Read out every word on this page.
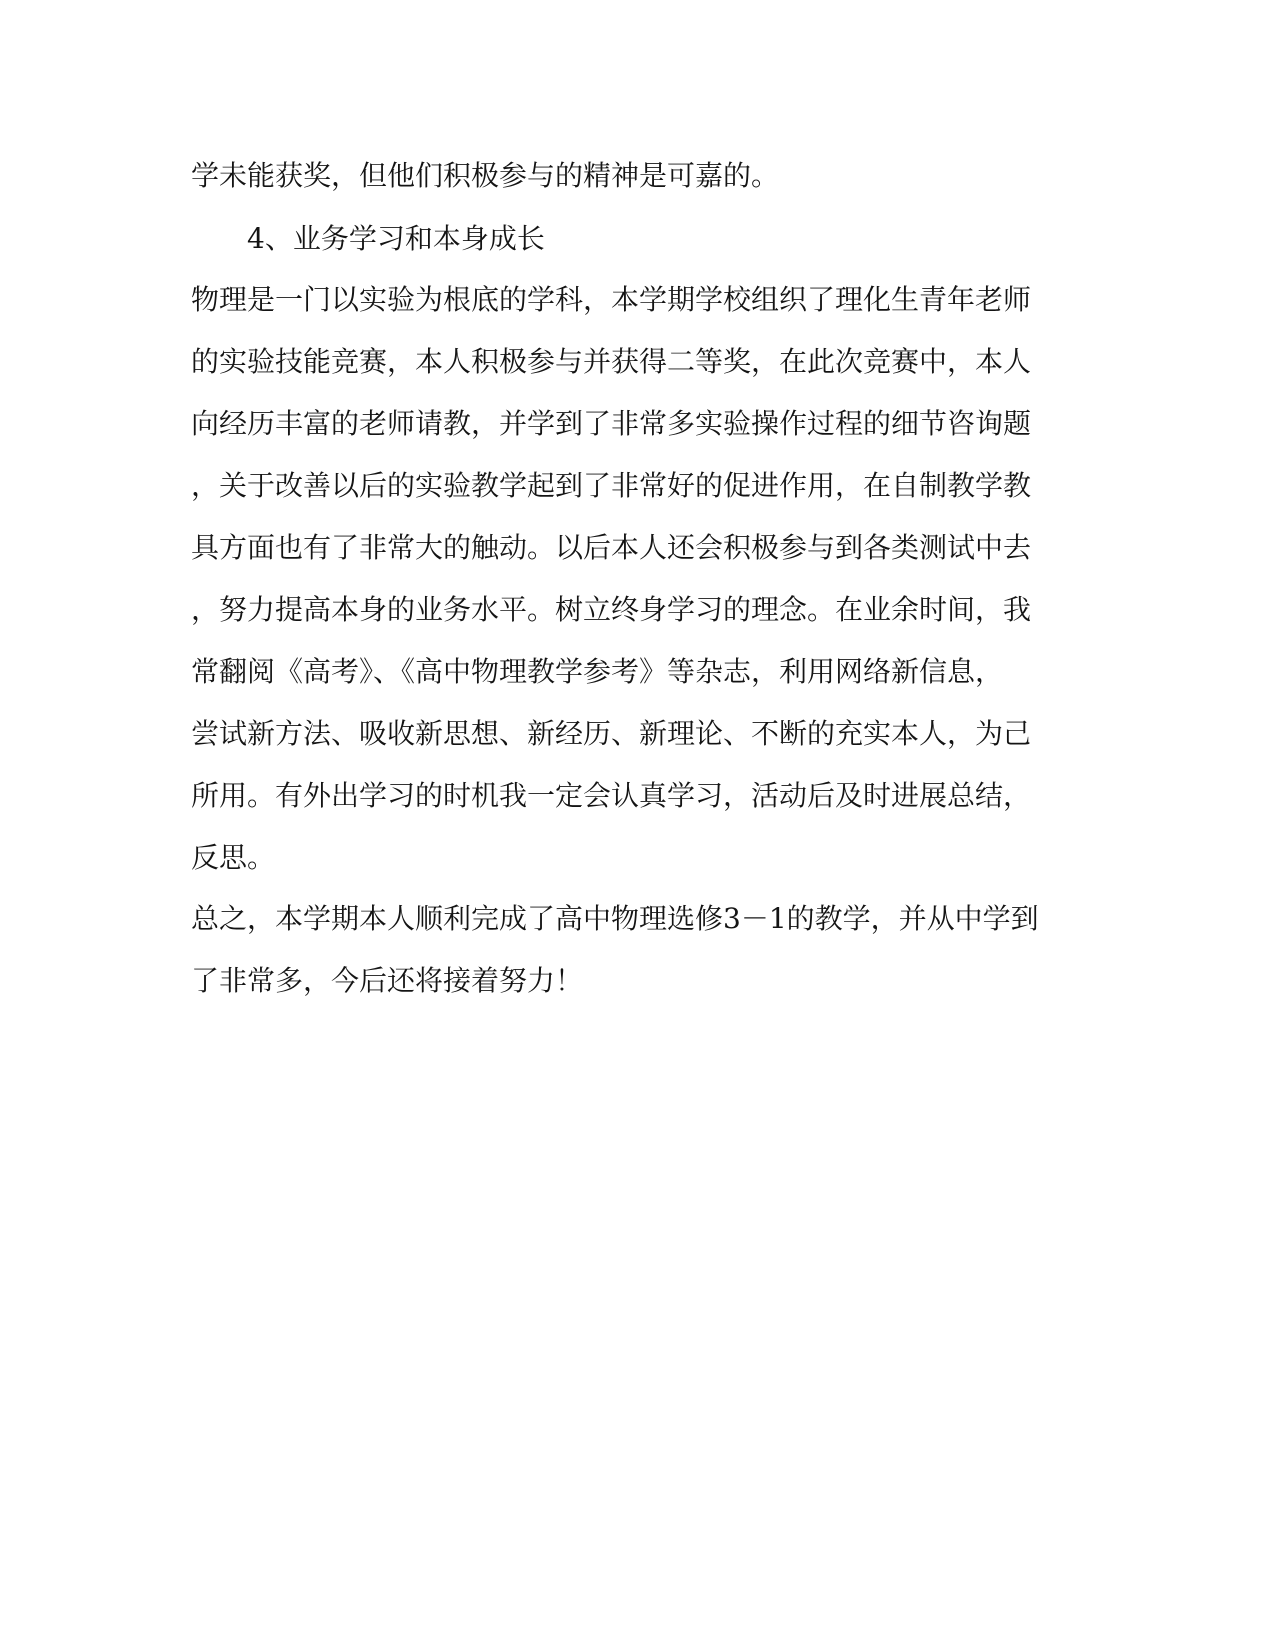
学未能获奖，但他们积极参与的精神是可嘉的。

4、业务学习和本身成长

物理是一门以实验为根底的学科，本学期学校组织了理化生青年老师

的实验技能竞赛，本人积极参与并获得二等奖，在此次竞赛中，本人

向经历丰富的老师请教，并学到了非常多实验操作过程的细节咨询题

，关于改善以后的实验教学起到了非常好的促进作用，在自制教学教

具方面也有了非常大的触动。以后本人还会积极参与到各类测试中去

，努力提高本身的业务水平。树立终身学习的理念。在业余时间，我

常翻阅《高考》、《高中物理教学参考》等杂志，利用网络新信息，

尝试新方法、吸收新思想、新经历、新理论、不断的充实本人，为己

所用。有外出学习的时机我一定会认真学习，活动后及时进展总结，

反思。

总之，本学期本人顺利完成了高中物理选修3－1的教学，并从中学到

了非常多，今后还将接着努力！
